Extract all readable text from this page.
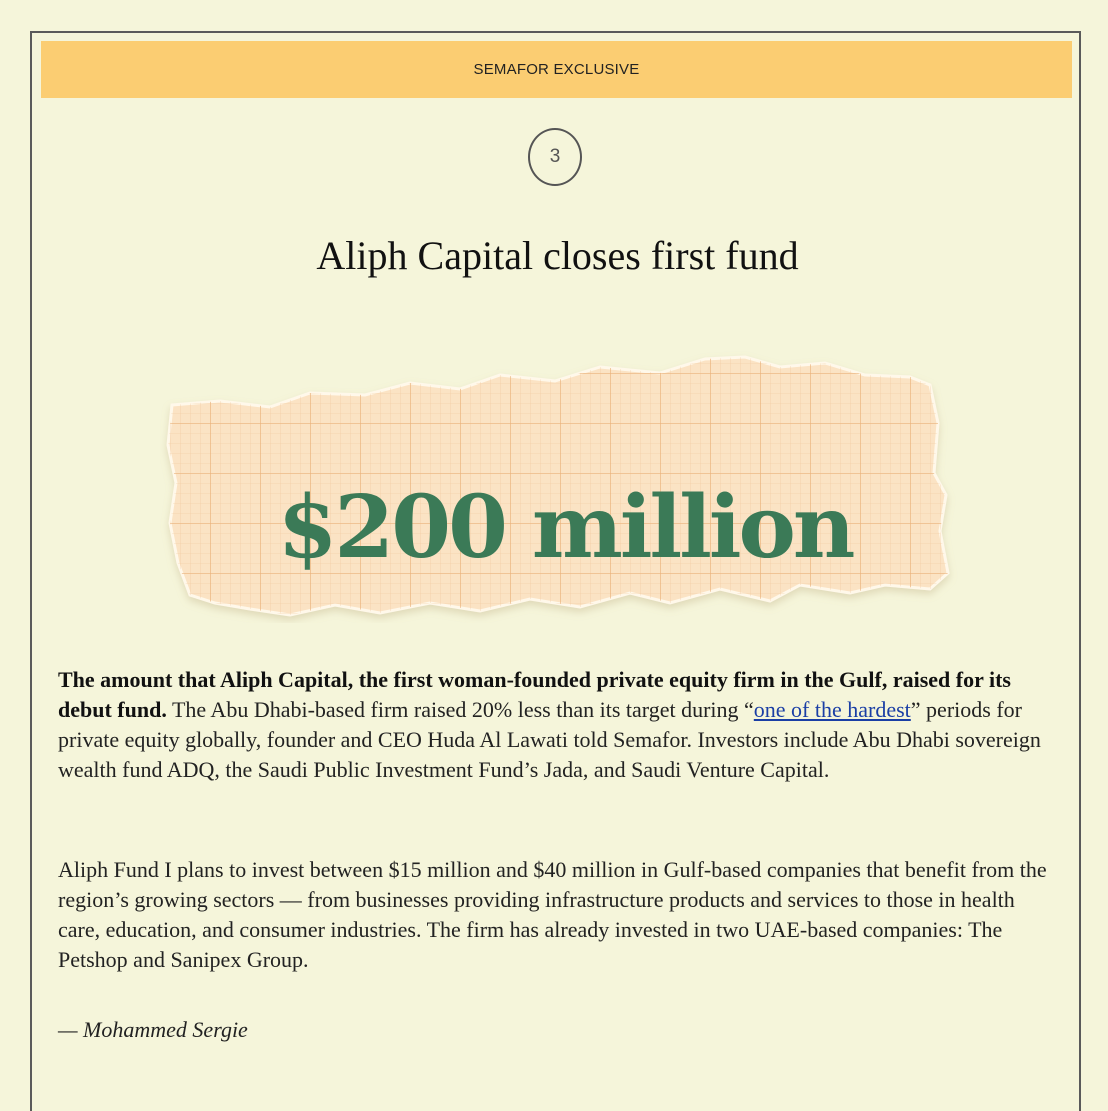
SEMAFOR EXCLUSIVE
3
Aliph Capital closes first fund
$200 million

The amount that Aliph Capital, the first woman-founded private equity firm in the Gulf, raised for its debut fund. The Abu Dhabi-based firm raised 20% less than its target during “one of the hardest” periods for private equity globally, founder and CEO Huda Al Lawati told Semafor. Investors include Abu Dhabi sovereign wealth fund ADQ, the Saudi Public Investment Fund’s Jada, and Saudi Venture Capital.

Aliph Fund I plans to invest between $15 million and $40 million in Gulf-based companies that benefit from the region’s growing sectors — from businesses providing infrastructure products and services to those in health care, education, and consumer industries. The firm has already invested in two UAE-based companies: The Petshop and Sanipex Group.

— Mohammed Sergie
